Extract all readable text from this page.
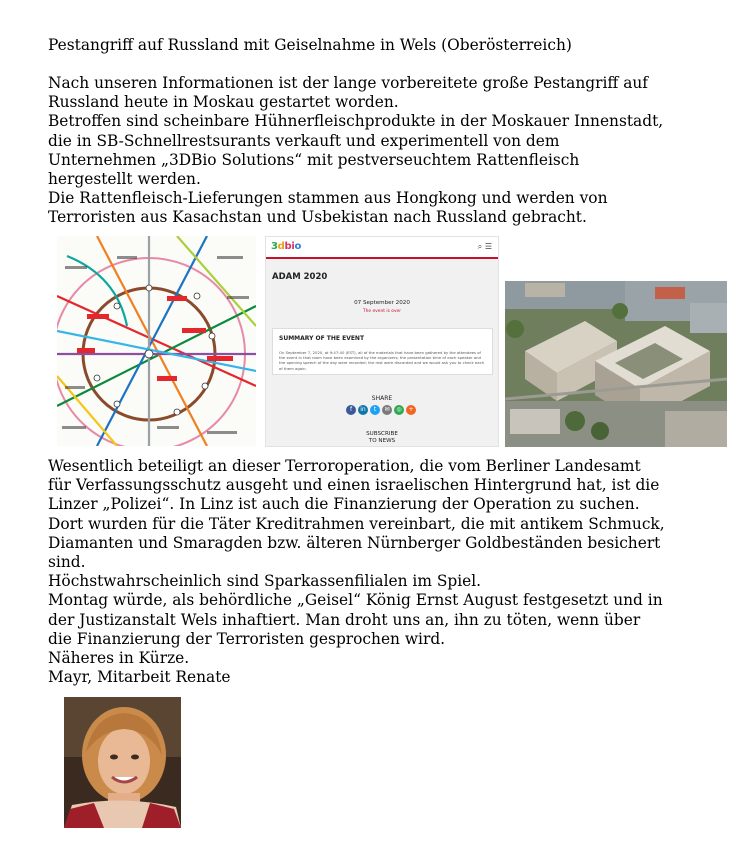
Pestangriff auf Russland mit Geiselnahme in Wels (Oberösterreich)

Nach unseren Informationen ist der lange vorbereitete große Pestangriff auf
Russland heute in Moskau gestartet worden.
Betroffen sind scheinbare Hühnerfleischprodukte in der Moskauer Innenstadt,
die in SB-Schnellrestsurants verkauft und experimentell von dem
Unternehmen „3DBio Solutions“ mit pestverseuchtem Rattenfleisch
hergestellt werden.
Die Rattenfleisch-Lieferungen stammen aus Hongkong und werden von
Terroristen aus Kasachstan und Usbekistan nach Russland gebracht.

3dbio	⌕ ☰
ADAM 2020
07 September 2020
The event is over
SUMMARY OF THE EVENT
On September 7, 2020, at 9:47:40 (EST), all of the materials that have been gathered by the attendees of the event in that room have been examined by the organizers; the presentation time of each speaker and the opening speech of the day were recorded; the rest were discarded and we would ask you to check each of them again.
SHARE
f	in	t	✉	◎	+
SUBSCRIBE
TO NEWS

Wesentlich beteiligt an dieser Terroroperation, die vom Berliner Landesamt
für Verfassungsschutz ausgeht und einen israelischen Hintergrund hat, ist die
Linzer „Polizei“. In Linz ist auch die Finanzierung der Operation zu suchen.
Dort wurden für die Täter Kreditrahmen vereinbart, die mit antikem Schmuck,
Diamanten und Smaragden bzw. älteren Nürnberger Goldbeständen besichert
sind.
Höchstwahrscheinlich sind Sparkassenfilialen im Spiel.
Montag würde, als behördliche „Geisel“ König Ernst August festgesetzt und in
der Justizanstalt Wels inhaftiert. Man droht uns an, ihn zu töten, wenn über
die Finanzierung der Terroristen gesprochen wird.
Näheres in Kürze.
Mayr, Mitarbeit Renate
